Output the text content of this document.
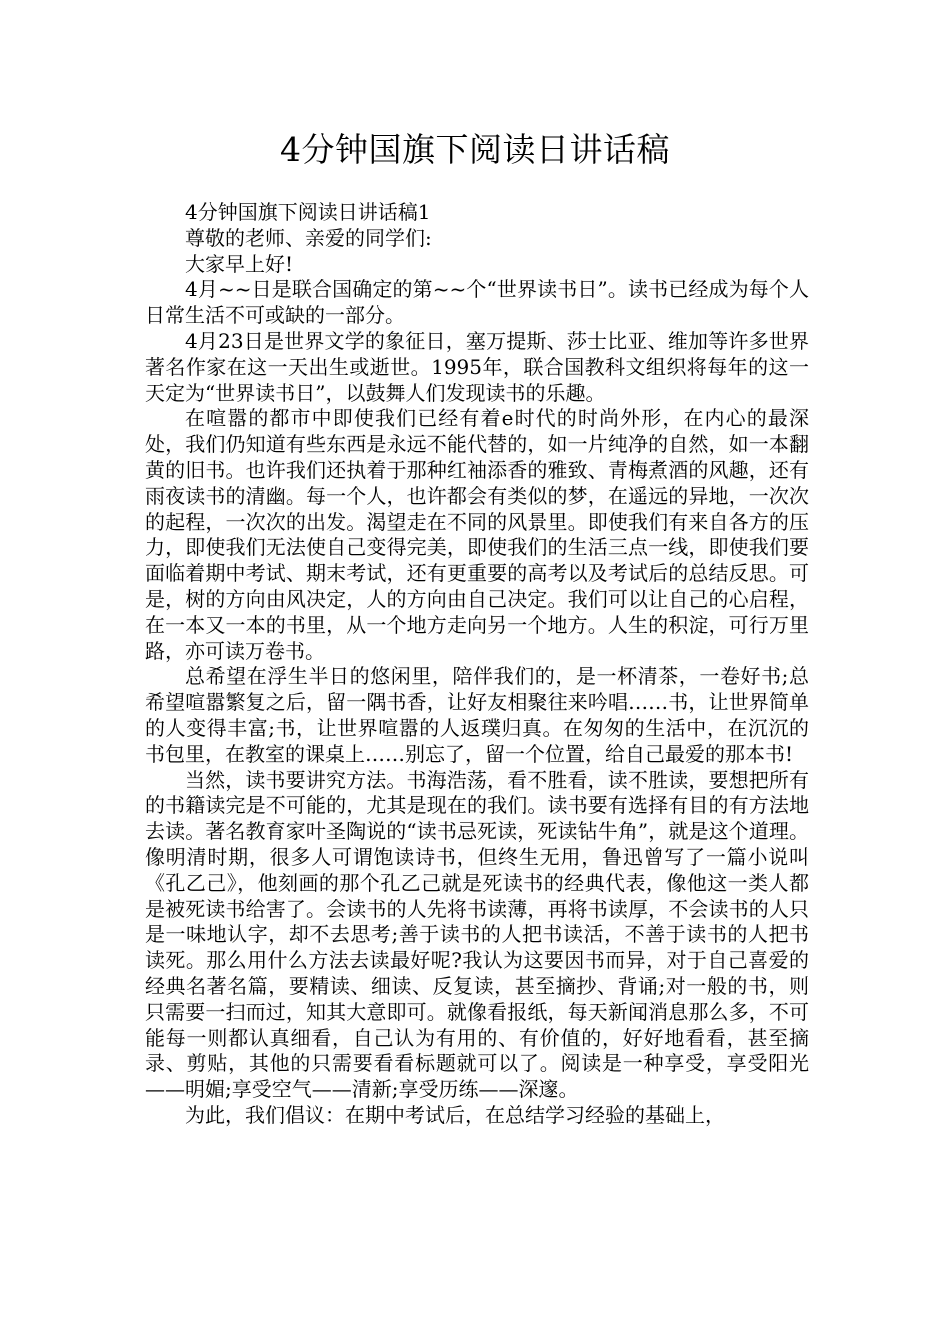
4分钟国旗下阅读日讲话稿

4分钟国旗下阅读日讲话稿1

尊敬的老师、亲爱的同学们:

大家早上好!

4月~~日是联合国确定的第~~个“世界读书日”。读书已经成为每个人日常生活不可或缺的一部分。

4月23日是世界文学的象征日，塞万提斯、莎士比亚、维加等许多世界著名作家在这一天出生或逝世。1995年，联合国教科文组织将每年的这一天定为“世界读书日”，以鼓舞人们发现读书的乐趣。

在喧嚣的都市中即使我们已经有着e时代的时尚外形，在内心的最深处，我们仍知道有些东西是永远不能代替的，如一片纯净的自然，如一本翻黄的旧书。也许我们还执着于那种红袖添香的雅致、青梅煮酒的风趣，还有雨夜读书的清幽。每一个人，也许都会有类似的梦，在遥远的异地，一次次的起程，一次次的出发。渴望走在不同的风景里。即使我们有来自各方的压力，即使我们无法使自己变得完美，即使我们的生活三点一线，即使我们要面临着期中考试、期末考试，还有更重要的高考以及考试后的总结反思。可是，树的方向由风决定，人的方向由自己决定。我们可以让自己的心启程，在一本又一本的书里，从一个地方走向另一个地方。人生的积淀，可行万里路，亦可读万卷书。

总希望在浮生半日的悠闲里，陪伴我们的，是一杯清茶，一卷好书;总希望喧嚣繁复之后，留一隅书香，让好友相聚往来吟唱……书，让世界简单的人变得丰富;书，让世界喧嚣的人返璞归真。在匆匆的生活中，在沉沉的书包里，在教室的课桌上……别忘了，留一个位置，给自己最爱的那本书!

当然，读书要讲究方法。书海浩荡，看不胜看，读不胜读，要想把所有的书籍读完是不可能的，尤其是现在的我们。读书要有选择有目的有方法地去读。著名教育家叶圣陶说的“读书忌死读，死读钻牛角”，就是这个道理。像明清时期，很多人可谓饱读诗书，但终生无用，鲁迅曾写了一篇小说叫《孔乙己》，他刻画的那个孔乙己就是死读书的经典代表，像他这一类人都是被死读书给害了。会读书的人先将书读薄，再将书读厚，不会读书的人只是一味地认字，却不去思考;善于读书的人把书读活，不善于读书的人把书读死。那么用什么方法去读最好呢?我认为这要因书而异，对于自己喜爱的经典名著名篇，要精读、细读、反复读，甚至摘抄、背诵;对一般的书，则只需要一扫而过，知其大意即可。就像看报纸，每天新闻消息那么多，不可能每一则都认真细看，自己认为有用的、有价值的，好好地看看，甚至摘录、剪贴，其他的只需要看看标题就可以了。阅读是一种享受，享受阳光——明媚;享受空气——清新;享受历练——深邃。

为此，我们倡议：在期中考试后，在总结学习经验的基础上，
